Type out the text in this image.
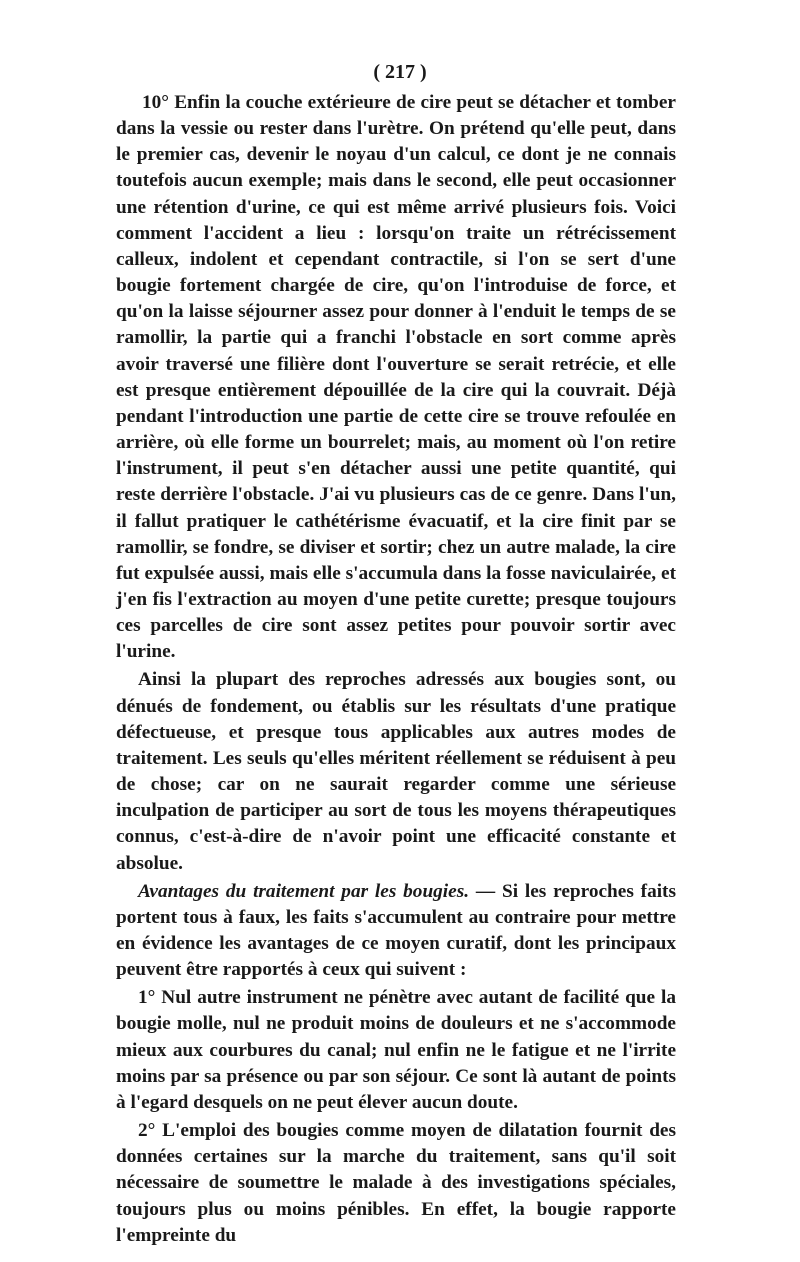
( 217 )

10° Enfin la couche extérieure de cire peut se détacher et tomber dans la vessie ou rester dans l'urètre. On prétend qu'elle peut, dans le premier cas, devenir le noyau d'un calcul, ce dont je ne connais toutefois aucun exemple; mais dans le second, elle peut occasionner une rétention d'urine, ce qui est même arrivé plusieurs fois. Voici comment l'accident a lieu : lorsqu'on traite un rétrécissement calleux, indolent et cependant contractile, si l'on se sert d'une bougie fortement chargée de cire, qu'on l'introduise de force, et qu'on la laisse séjourner assez pour donner à l'enduit le temps de se ramollir, la partie qui a franchi l'obstacle en sort comme après avoir traversé une filière dont l'ouverture se serait retrécie, et elle est presque entièrement dépouillée de la cire qui la couvrait. Déjà pendant l'introduction une partie de cette cire se trouve refoulée en arrière, où elle forme un bourrelet; mais, au moment où l'on retire l'instrument, il peut s'en détacher aussi une petite quantité, qui reste derrière l'obstacle. J'ai vu plusieurs cas de ce genre. Dans l'un, il fallut pratiquer le cathétérisme évacuatif, et la cire finit par se ramollir, se fondre, se diviser et sortir; chez un autre malade, la cire fut expulsée aussi, mais elle s'accumula dans la fosse naviculairée, et j'en fis l'extraction au moyen d'une petite curette; presque toujours ces parcelles de cire sont assez petites pour pouvoir sortir avec l'urine.

Ainsi la plupart des reproches adressés aux bougies sont, ou dénués de fondement, ou établis sur les résultats d'une pratique défectueuse, et presque tous applicables aux autres modes de traitement. Les seuls qu'elles méritent réellement se réduisent à peu de chose; car on ne saurait regarder comme une sérieuse inculpation de participer au sort de tous les moyens thérapeutiques connus, c'est-à-dire de n'avoir point une efficacité constante et absolue.

Avantages du traitement par les bougies. — Si les reproches faits portent tous à faux, les faits s'accumulent au contraire pour mettre en évidence les avantages de ce moyen curatif, dont les principaux peuvent être rapportés à ceux qui suivent :

1° Nul autre instrument ne pénètre avec autant de facilité que la bougie molle, nul ne produit moins de douleurs et ne s'accommode mieux aux courbures du canal; nul enfin ne le fatigue et ne l'irrite moins par sa présence ou par son séjour. Ce sont là autant de points à l'egard desquels on ne peut élever aucun doute.

2° L'emploi des bougies comme moyen de dilatation fournit des données certaines sur la marche du traitement, sans qu'il soit nécessaire de soumettre le malade à des investigations spéciales, toujours plus ou moins pénibles. En effet, la bougie rapporte l'empreinte du
